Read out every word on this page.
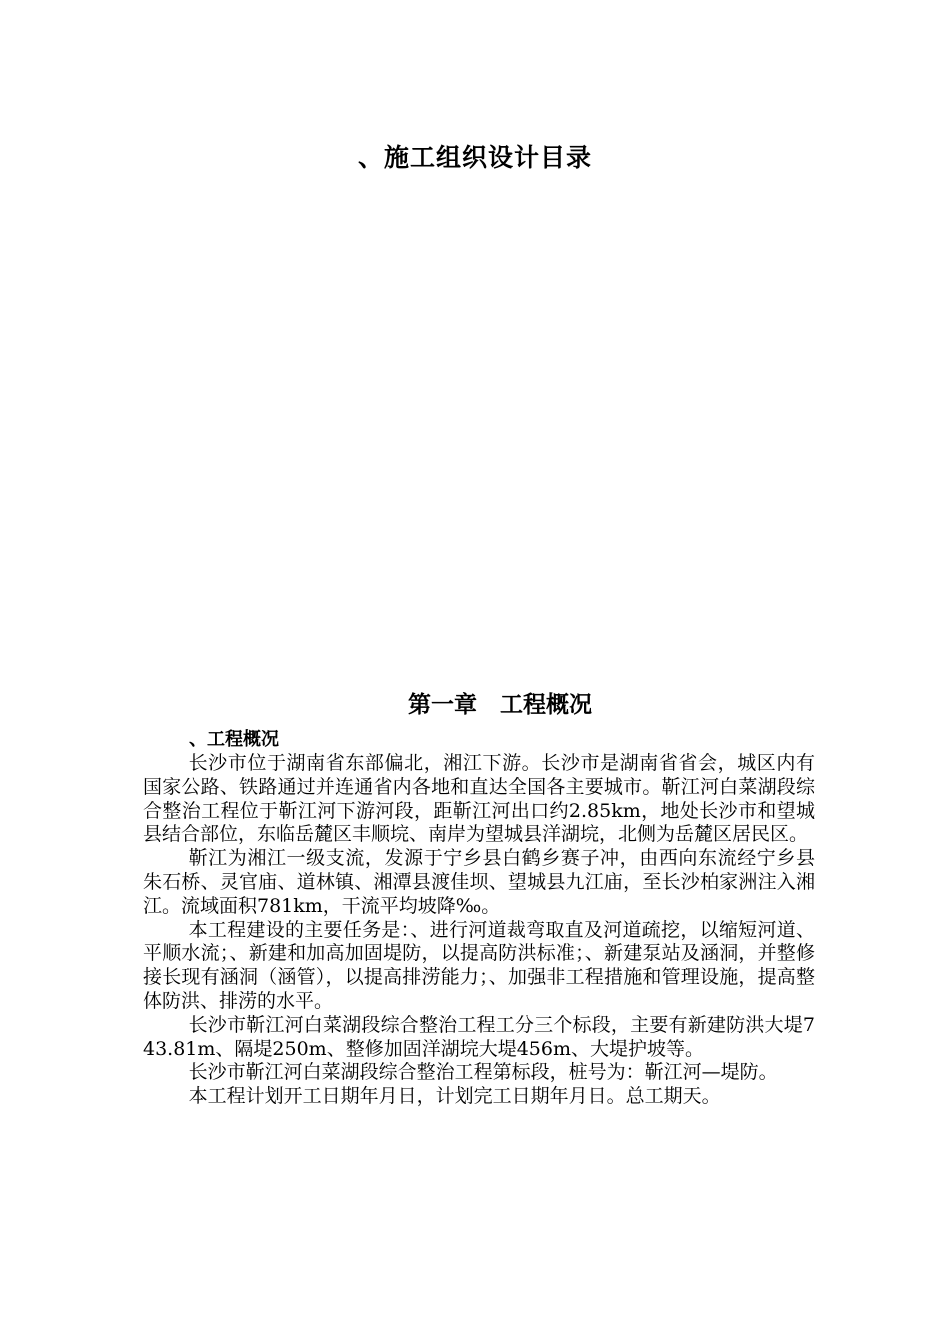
、施工组织设计目录
第一章　工程概况
、工程概况

长沙市位于湖南省东部偏北，湘江下游。长沙市是湖南省省会，城区内有国家公路、铁路通过并连通省内各地和直达全国各主要城市。靳江河白菜湖段综合整治工程位于靳江河下游河段，距靳江河出口约2.85km，地处长沙市和望城县结合部位，东临岳麓区丰顺垸、南岸为望城县洋湖垸，北侧为岳麓区居民区。

靳江为湘江一级支流，发源于宁乡县白鹤乡赛子冲，由西向东流经宁乡县朱石桥、灵官庙、道林镇、湘潭县渡佳坝、望城县九江庙，至长沙柏家洲注入湘江。流域面积781km，干流平均坡降‰。

本工程建设的主要任务是：、进行河道裁弯取直及河道疏挖，以缩短河道、平顺水流；、新建和加高加固堤防，以提高防洪标准；、新建泵站及涵洞，并整修接长现有涵洞（涵管），以提高排涝能力；、加强非工程措施和管理设施，提高整体防洪、排涝的水平。

长沙市靳江河白菜湖段综合整治工程工分三个标段，主要有新建防洪大堤743.81m、隔堤250m、整修加固洋湖垸大堤456m、大堤护坡等。

长沙市靳江河白菜湖段综合整治工程第标段，桩号为：靳江河—堤防。

本工程计划开工日期年月日，计划完工日期年月日。总工期天。
